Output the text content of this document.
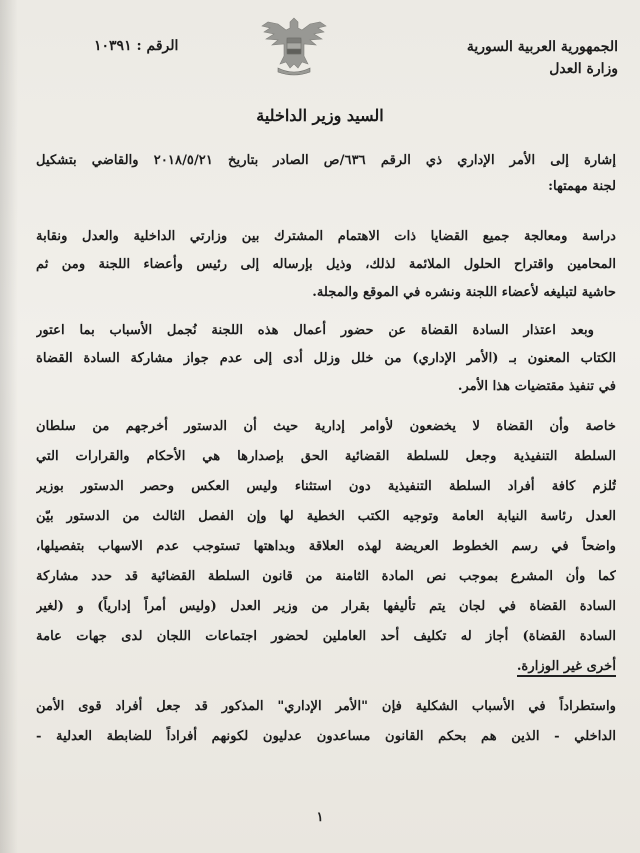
الجمهورية العربية السورية
وزارة العدل
الرقم : ١٠٣٩١
السيد وزير الداخلية
إشارة إلى الأمر الإداري ذي الرقم ٦٣٦/ص الصادر بتاريخ ٢٠١٨/٥/٢١ والقاضي بتشكيل
لجنة مهمتها:
دراسة ومعالجة جميع القضايا ذات الاهتمام المشترك بين وزارتي الداخلية والعدل ونقابة
المحامين واقتراح الحلول الملائمة لذلك، وذيل بإرساله إلى رئيس وأعضاء اللجنة ومن ثم
حاشية لتبليغه لأعضاء اللجنة ونشره في الموقع والمجلة.
وبعد اعتذار السادة القضاة عن حضور أعمال هذه اللجنة نُجمل الأسباب بما اعتور
الكتاب المعنون بـ (الأمر الإداري) من خلل وزلل أدى إلى عدم جواز مشاركة السادة القضاة
في تنفيذ مقتضيات هذا الأمر.
خاصة وأن القضاة لا يخضعون لأوامر إدارية حيث أن الدستور أخرجهم من سلطان
السلطة التنفيذية وجعل للسلطة القضائية الحق بإصدارها هي الأحكام والقرارات التي
تُلزم كافة أفراد السلطة التنفيذية دون استثناء وليس العكس وحصر الدستور بوزير
العدل رئاسة النيابة العامة وتوجيه الكتب الخطية لها وإن الفصل الثالث من الدستور بيّن
واضحاً في رسم الخطوط العريضة لهذه العلاقة وبداهتها تستوجب عدم الاسهاب بتفصيلها،
كما وأن المشرع بموجب نص المادة الثامنة من قانون السلطة القضائية قد حدد مشاركة
السادة القضاة في لجان يتم تأليفها بقرار من وزير العدل (وليس أمراً إدارياً) و (لغير
السادة القضاة) أجاز له تكليف أحد العاملين لحضور اجتماعات اللجان لدى جهات عامة
أخرى غير الوزارة.
واستطراداً في الأسباب الشكلية فإن "الأمر الإداري" المذكور قد جعل أفراد قوى الأمن
الداخلي - الذين هم بحكم القانون مساعدون عدليون لكونهم أفراداً للضابطة العدلية -
١
